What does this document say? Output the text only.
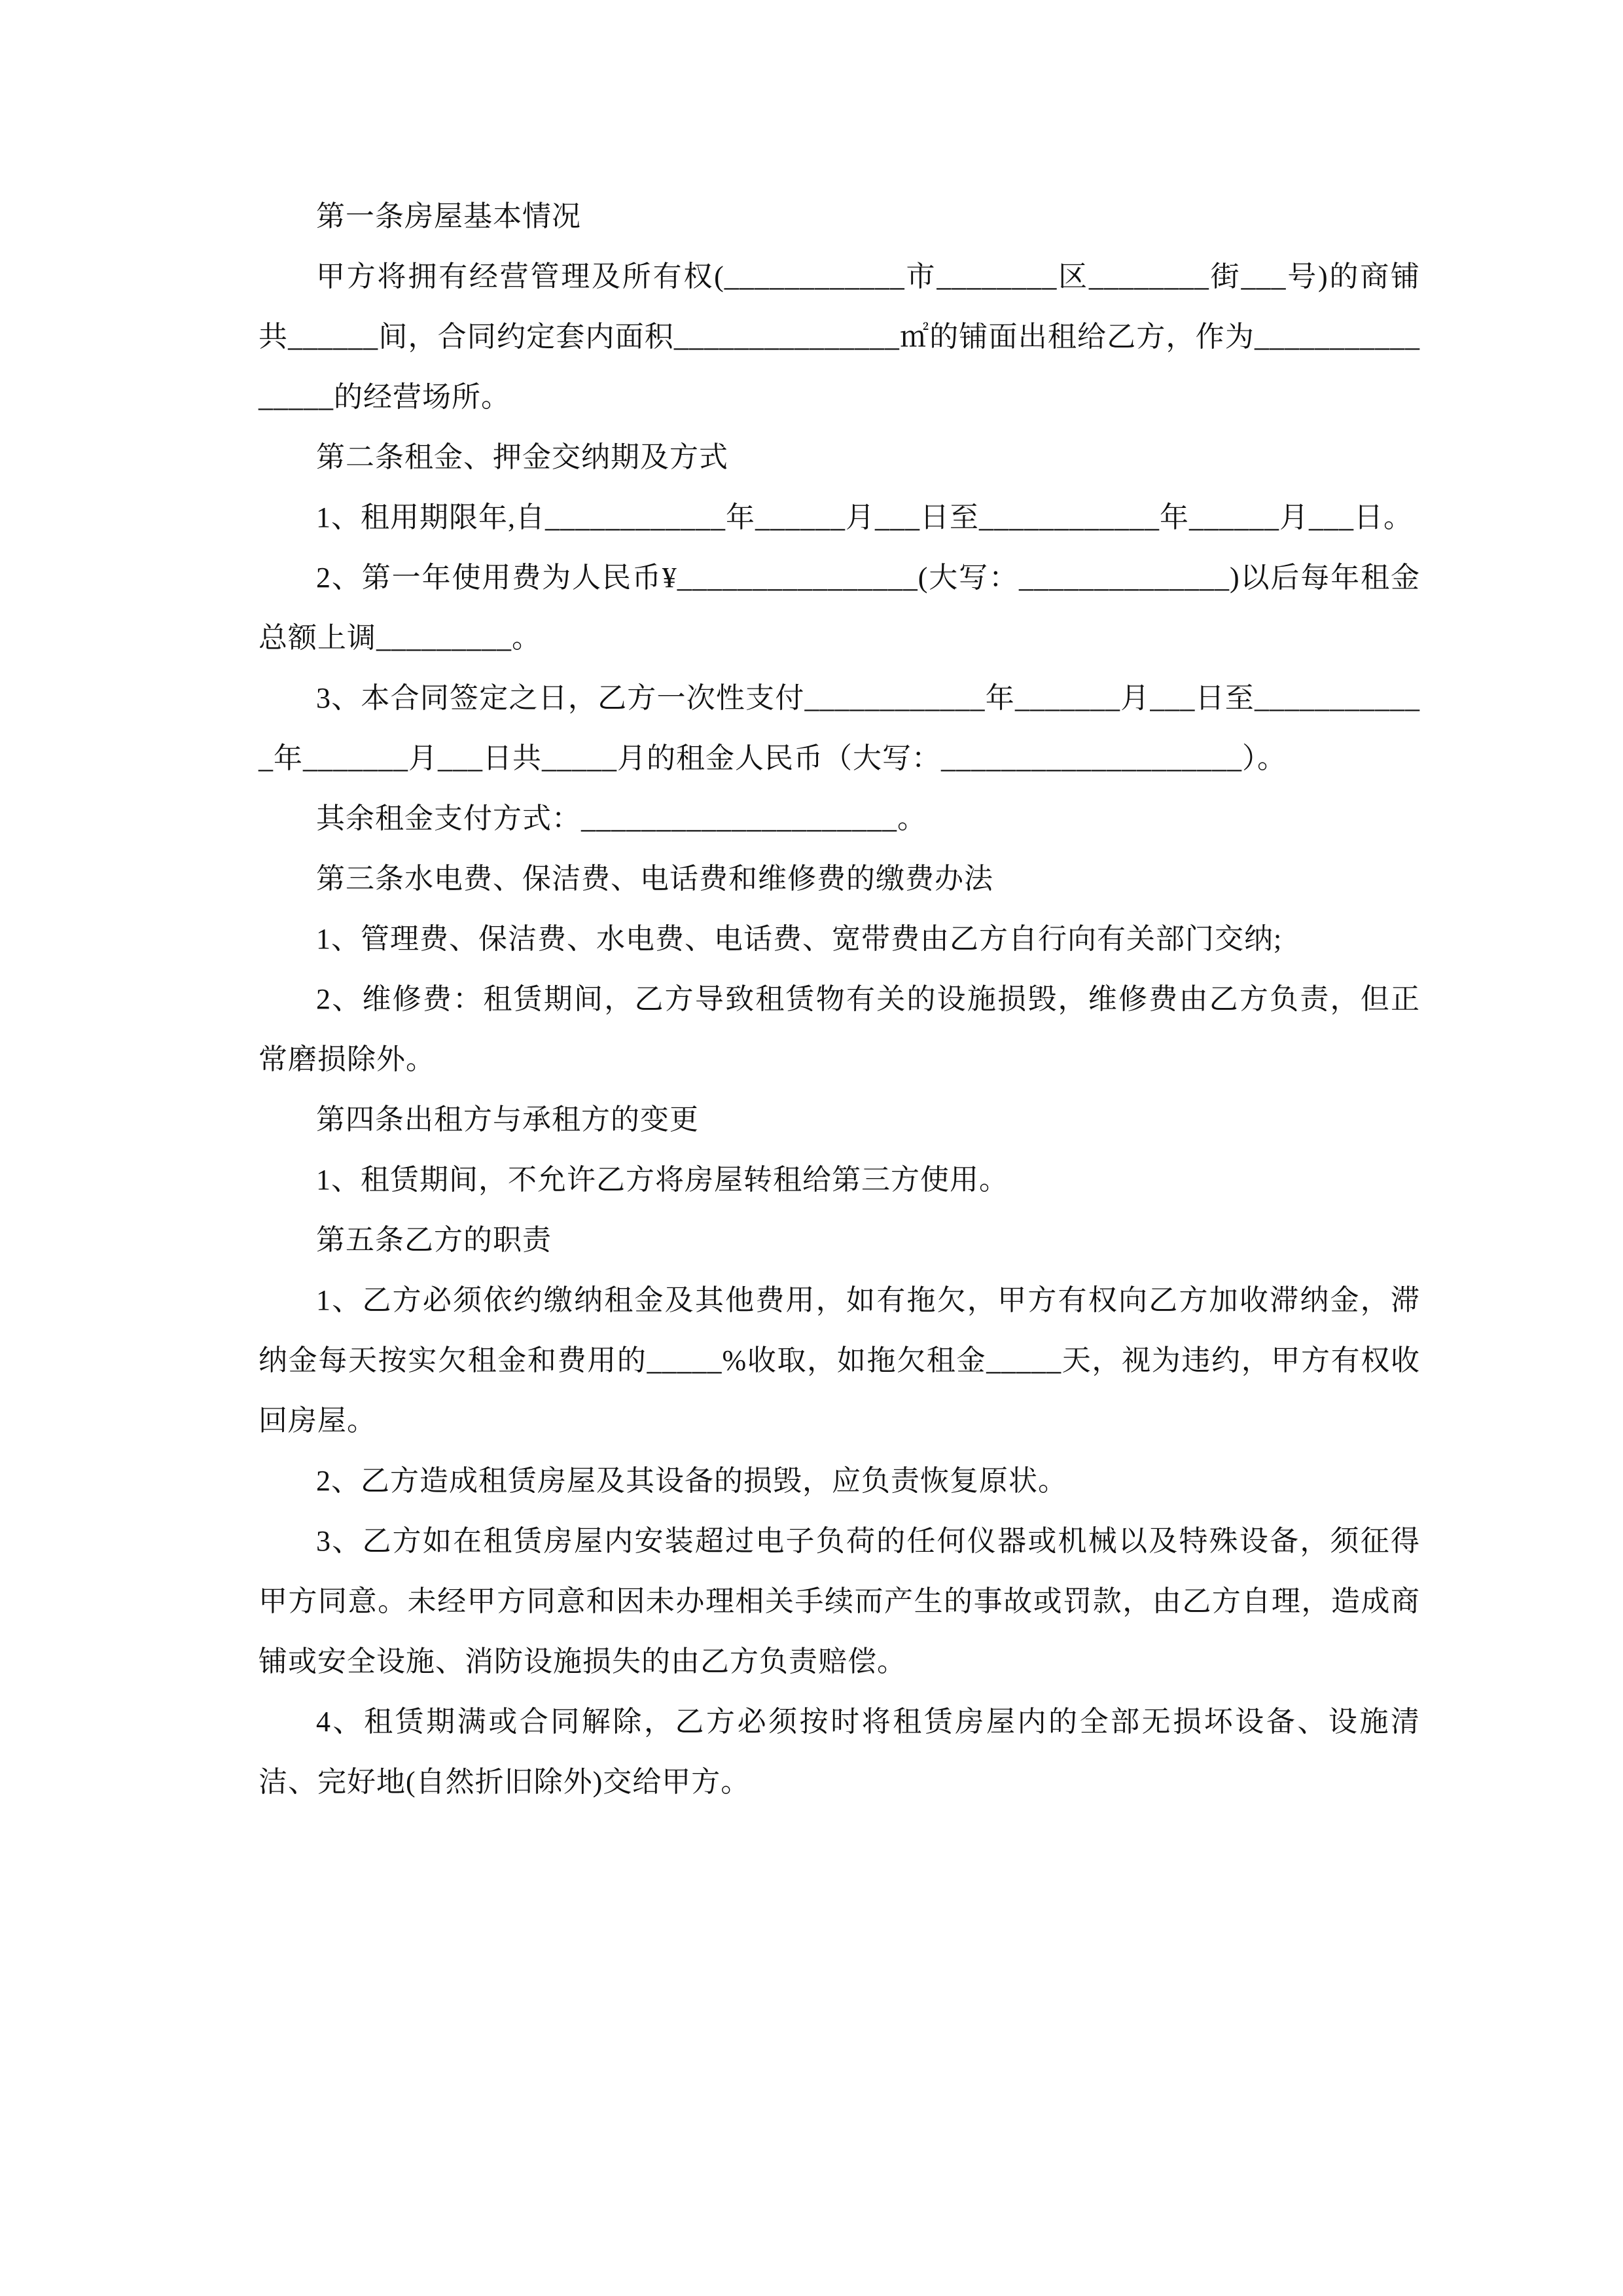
第一条房屋基本情况

甲方将拥有经营管理及所有权(____________市________区________街___号)的商铺共______间，合同约定套内面积_______________㎡的铺面出租给乙方，作为________________的经营场所。

第二条租金、押金交纳期及方式

1、租用期限年,自____________年______月___日至____________年______月___日。

2、第一年使用费为人民币¥________________(大写：______________)以后每年租金总额上调_________。

3、本合同签定之日，乙方一次性支付____________年_______月___日至____________年_______月___日共_____月的租金人民币（大写：____________________）。

其余租金支付方式：_____________________。

第三条水电费、保洁费、电话费和维修费的缴费办法

1、管理费、保洁费、水电费、电话费、宽带费由乙方自行向有关部门交纳;

2、维修费：租赁期间，乙方导致租赁物有关的设施损毁，维修费由乙方负责，但正常磨损除外。

第四条出租方与承租方的变更

1、租赁期间，不允许乙方将房屋转租给第三方使用。

第五条乙方的职责

1、乙方必须依约缴纳租金及其他费用，如有拖欠，甲方有权向乙方加收滞纳金，滞纳金每天按实欠租金和费用的_____%收取，如拖欠租金_____天，视为违约，甲方有权收回房屋。

2、乙方造成租赁房屋及其设备的损毁，应负责恢复原状。

3、乙方如在租赁房屋内安装超过电子负荷的任何仪器或机械以及特殊设备，须征得甲方同意。未经甲方同意和因未办理相关手续而产生的事故或罚款，由乙方自理，造成商铺或安全设施、消防设施损失的由乙方负责赔偿。

4、租赁期满或合同解除，乙方必须按时将租赁房屋内的全部无损坏设备、设施清洁、完好地(自然折旧除外)交给甲方。
